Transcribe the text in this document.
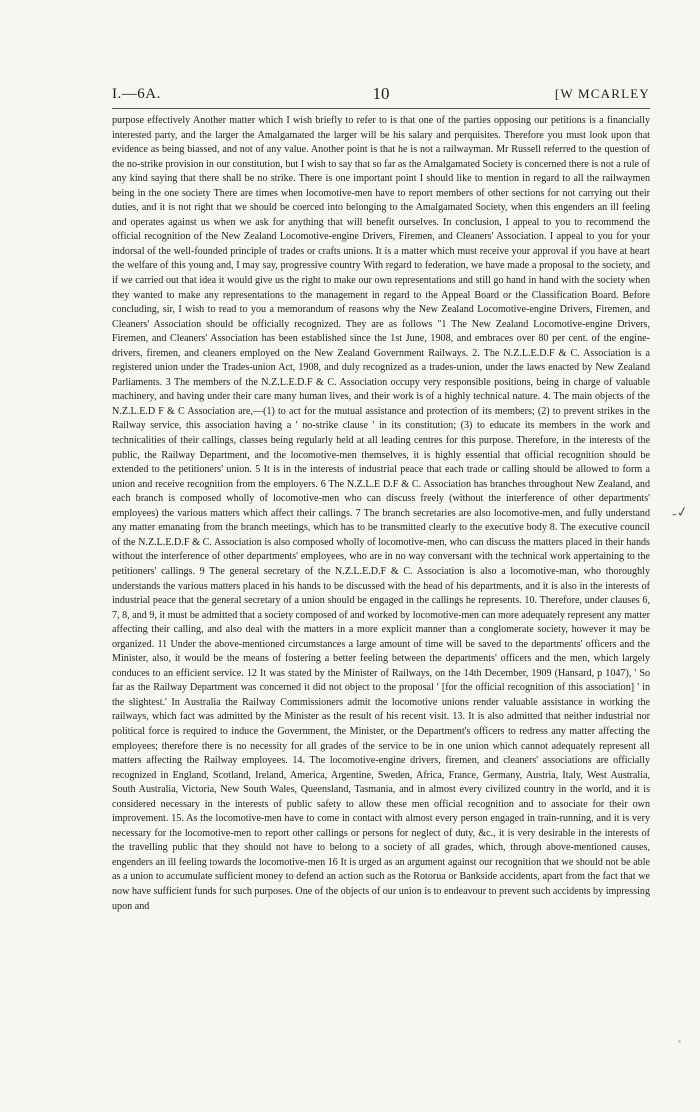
I.—6A.	10	[W MCARLEY

purpose effectively Another matter which I wish briefly to refer to is that one of the parties opposing our petitions is a financially interested party, and the larger the Amalgamated the larger will be his salary and perquisites. Therefore you must look upon that evidence as being biassed, and not of any value. Another point is that he is not a railwayman. Mr Russell referred to the question of the no-strike provision in our constitution, but I wish to say that so far as the Amalgamated Society is concerned there is not a rule of any kind saying that there shall be no strike. There is one important point I should like to mention in regard to all the railwaymen being in the one society There are times when locomotive-men have to report members of other sections for not carrying out their duties, and it is not right that we should be coerced into belonging to the Amalgamated Society, when this engenders an ill feeling and operates against us when we ask for anything that will benefit ourselves. In conclusion, I appeal to you to recommend the official recognition of the New Zealand Locomotive-engine Drivers, Firemen, and Cleaners' Association. I appeal to you for your indorsal of the well-founded principle of trades or crafts unions. It is a matter which must receive your approval if you have at heart the welfare of this young and, I may say, progressive country With regard to federation, we have made a proposal to the society, and if we carried out that idea it would give us the right to make our own representations and still go hand in hand with the society when they wanted to make any representations to the management in regard to the Appeal Board or the Classification Board. Before concluding, sir, I wish to read to you a memorandum of reasons why the New Zealand Locomotive-engine Drivers, Firemen, and Cleaners' Association should be officially recognized. They are as follows "1 The New Zealand Locomotive-engine Drivers, Firemen, and Cleaners' Association has been established since the 1st June, 1908, and embraces over 80 per cent. of the engine-drivers, firemen, and cleaners employed on the New Zealand Government Railways. 2. The N.Z.L.E.D.F & C. Association is a registered union under the Trades-union Act, 1908, and duly recognized as a trades-union, under the laws enacted by New Zealand Parliaments. 3 The members of the N.Z.L.E.D.F & C. Association occupy very responsible positions, being in charge of valuable machinery, and having under their care many human lives, and their work is of a highly technical nature. 4. The main objects of the N.Z.L.E.D F & C Association are,—(1) to act for the mutual assistance and protection of its members; (2) to prevent strikes in the Railway service, this association having a ' no-strike clause ' in its constitution; (3) to educate its members in the work and technicalities of their callings, classes being regularly held at all leading centres for this purpose. Therefore, in the interests of the public, the Railway Department, and the locomotive-men themselves, it is highly essential that official recognition should be extended to the petitioners' union. 5 It is in the interests of industrial peace that each trade or calling should be allowed to form a union and receive recognition from the employers. 6 The N.Z.L.E D.F & C. Association has branches throughout New Zealand, and each branch is composed wholly of locomotive-men who can discuss freely (without the interference of other departments' employees) the various matters which affect their callings. 7 The branch secretaries are also locomotive-men, and fully understand any matter emanating from the branch meetings, which has to be transmitted clearly to the executive body 8. The executive council of the N.Z.L.E.D.F & C. Association is also composed wholly of locomotive-men, who can discuss the matters placed in their hands without the interference of other departments' employees, who are in no way conversant with the technical work appertaining to the petitioners' callings. 9 The general secretary of the N.Z.L.E.D.F & C. Association is also a locomotive-man, who thoroughly understands the various matters placed in his hands to be discussed with the head of his departments, and it is also in the interests of industrial peace that the general secretary of a union should be engaged in the callings he represents. 10. Therefore, under clauses 6, 7, 8, and 9, it must be admitted that a society composed of and worked by locomotive-men can more adequately represent any matter affecting their calling, and also deal with the matters in a more explicit manner than a conglomerate society, however it may be organized. 11 Under the above-mentioned circumstances a large amount of time will be saved to the departments' officers and the Minister, also, it would be the means of fostering a better feeling between the departments' officers and the men, which largely conduces to an efficient service. 12 It was stated by the Minister of Railways, on the 14th December, 1909 (Hansard, p 1047), ' So far as the Railway Department was concerned it did not object to the proposal ' [for the official recognition of this association] ' in the slightest.' In Australia the Railway Commissioners admit the locomotive unions render valuable assistance in working the railways, which fact was admitted by the Minister as the result of his recent visit. 13. It is also admitted that neither industrial nor political force is required to induce the Government, the Minister, or the Department's officers to redress any matter affecting the employees; therefore there is no necessity for all grades of the service to be in one union which cannot adequately represent all matters affecting the Railway employees. 14. The locomotive-engine drivers, firemen, and cleaners' associations are officially recognized in England, Scotland, Ireland, America, Argentine, Sweden, Africa, France, Germany, Austria, Italy, West Australia, South Australia, Victoria, New South Wales, Queensland, Tasmania, and in almost every civilized country in the world, and it is considered necessary in the interests of public safety to allow these men official recognition and to associate for their own improvement. 15. As the locomotive-men have to come in contact with almost every person engaged in train-running, and it is very necessary for the locomotive-men to report other callings or persons for neglect of duty, &c., it is very desirable in the interests of the travelling public that they should not have to belong to a society of all grades, which, through above-mentioned causes, engenders an ill feeling towards the locomotive-men 16 It is urged as an argument against our recognition that we should not be able as a union to accumulate sufficient money to defend an action such as the Rotorua or Bankside accidents, apart from the fact that we now have sufficient funds for such purposes. One of the objects of our union is to endeavour to prevent such accidents by impressing upon and

-✓
